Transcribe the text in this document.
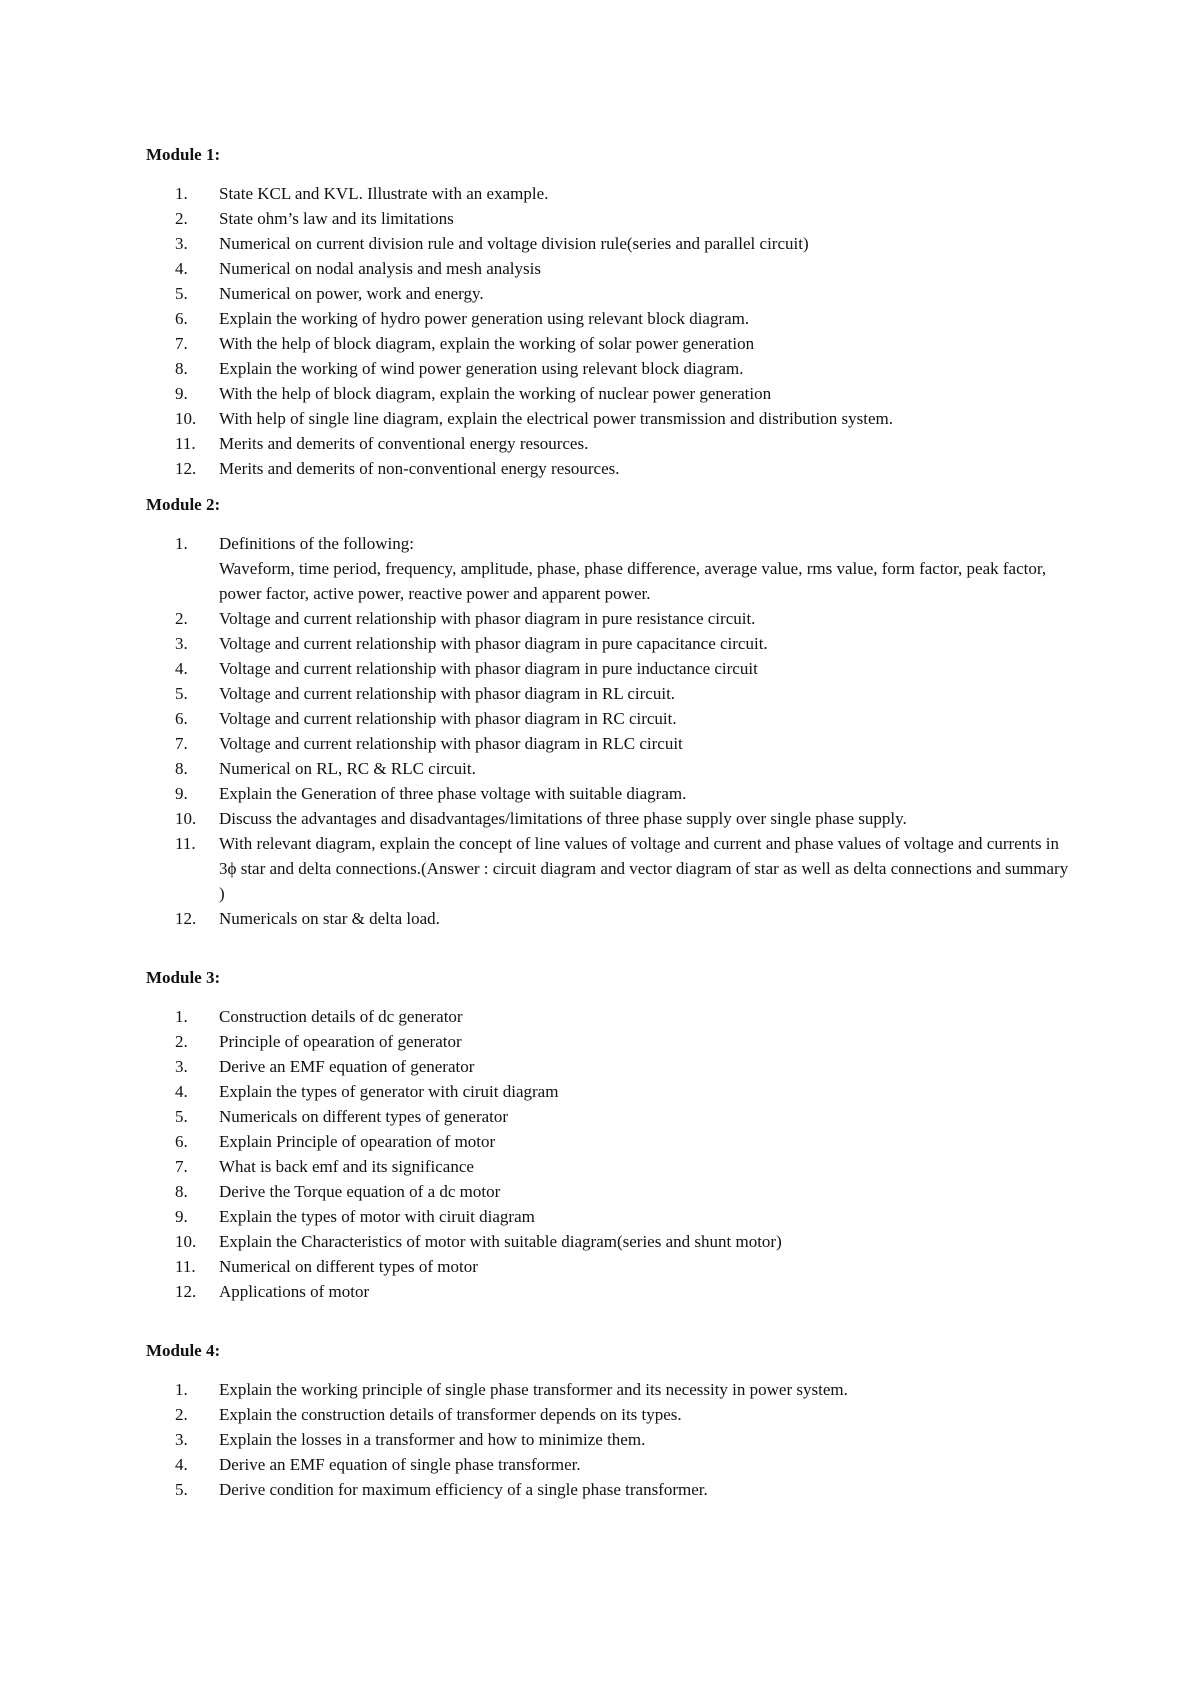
Module 1:
1.	State KCL and KVL. Illustrate with an example.
2.	State ohm’s law and its limitations
3.	Numerical on current division rule and voltage division rule(series and parallel circuit)
4.	Numerical on nodal analysis and mesh analysis
5.	Numerical on power, work and energy.
6.	Explain the working of hydro power generation using relevant block diagram.
7.	With the help of block diagram, explain the working of solar power generation
8.	Explain the working of wind power generation using relevant block diagram.
9.	With the help of block diagram, explain the working of nuclear power generation
10.	With help of single line diagram, explain the electrical power transmission and distribution system.
11.	Merits and demerits of conventional energy resources.
12.	Merits and demerits of non-conventional energy resources.
Module 2:
1.	Definitions of the following:
Waveform, time period, frequency, amplitude, phase, phase difference, average value, rms value, form factor, peak factor, power factor, active power, reactive power and apparent power.
2.	Voltage and current relationship with phasor diagram in pure resistance circuit.
3.	Voltage and current relationship with phasor diagram in pure capacitance circuit.
4.	Voltage and current relationship with phasor diagram in pure inductance circuit
5.	Voltage and current relationship with phasor diagram in RL circuit.
6.	Voltage and current relationship with phasor diagram in RC circuit.
7.	Voltage and current relationship with phasor diagram in RLC circuit
8.	Numerical on RL, RC & RLC circuit.
9.	Explain the Generation of three phase voltage with suitable diagram.
10.	Discuss the advantages and disadvantages/limitations of three phase supply over single phase supply.
11.	With relevant diagram, explain the concept of line values of voltage and current and phase values of voltage and currents in 3ϕ star and delta connections.(Answer : circuit diagram and vector diagram of star as well as delta connections and summary )
12.	Numericals on star & delta load.
Module 3:
1.	Construction details of dc generator
2.	Principle of opearation of generator
3.	Derive an EMF equation of generator
4.	Explain the types of generator with ciruit diagram
5.	Numericals on different types of generator
6.	Explain Principle of opearation of motor
7.	What is back emf and its significance
8.	Derive the Torque equation of a dc motor
9.	Explain the types of motor with ciruit diagram
10.	Explain the Characteristics of motor with suitable diagram(series and shunt motor)
11.	Numerical on different types of motor
12.	Applications of motor
Module 4:
1.	Explain the working principle of single phase transformer and its necessity in power system.
2.	Explain the construction details of transformer depends on its types.
3.	Explain the losses in a transformer and how to minimize them.
4.	Derive an EMF equation of single phase transformer.
5.	Derive condition for maximum efficiency of a single phase transformer.
